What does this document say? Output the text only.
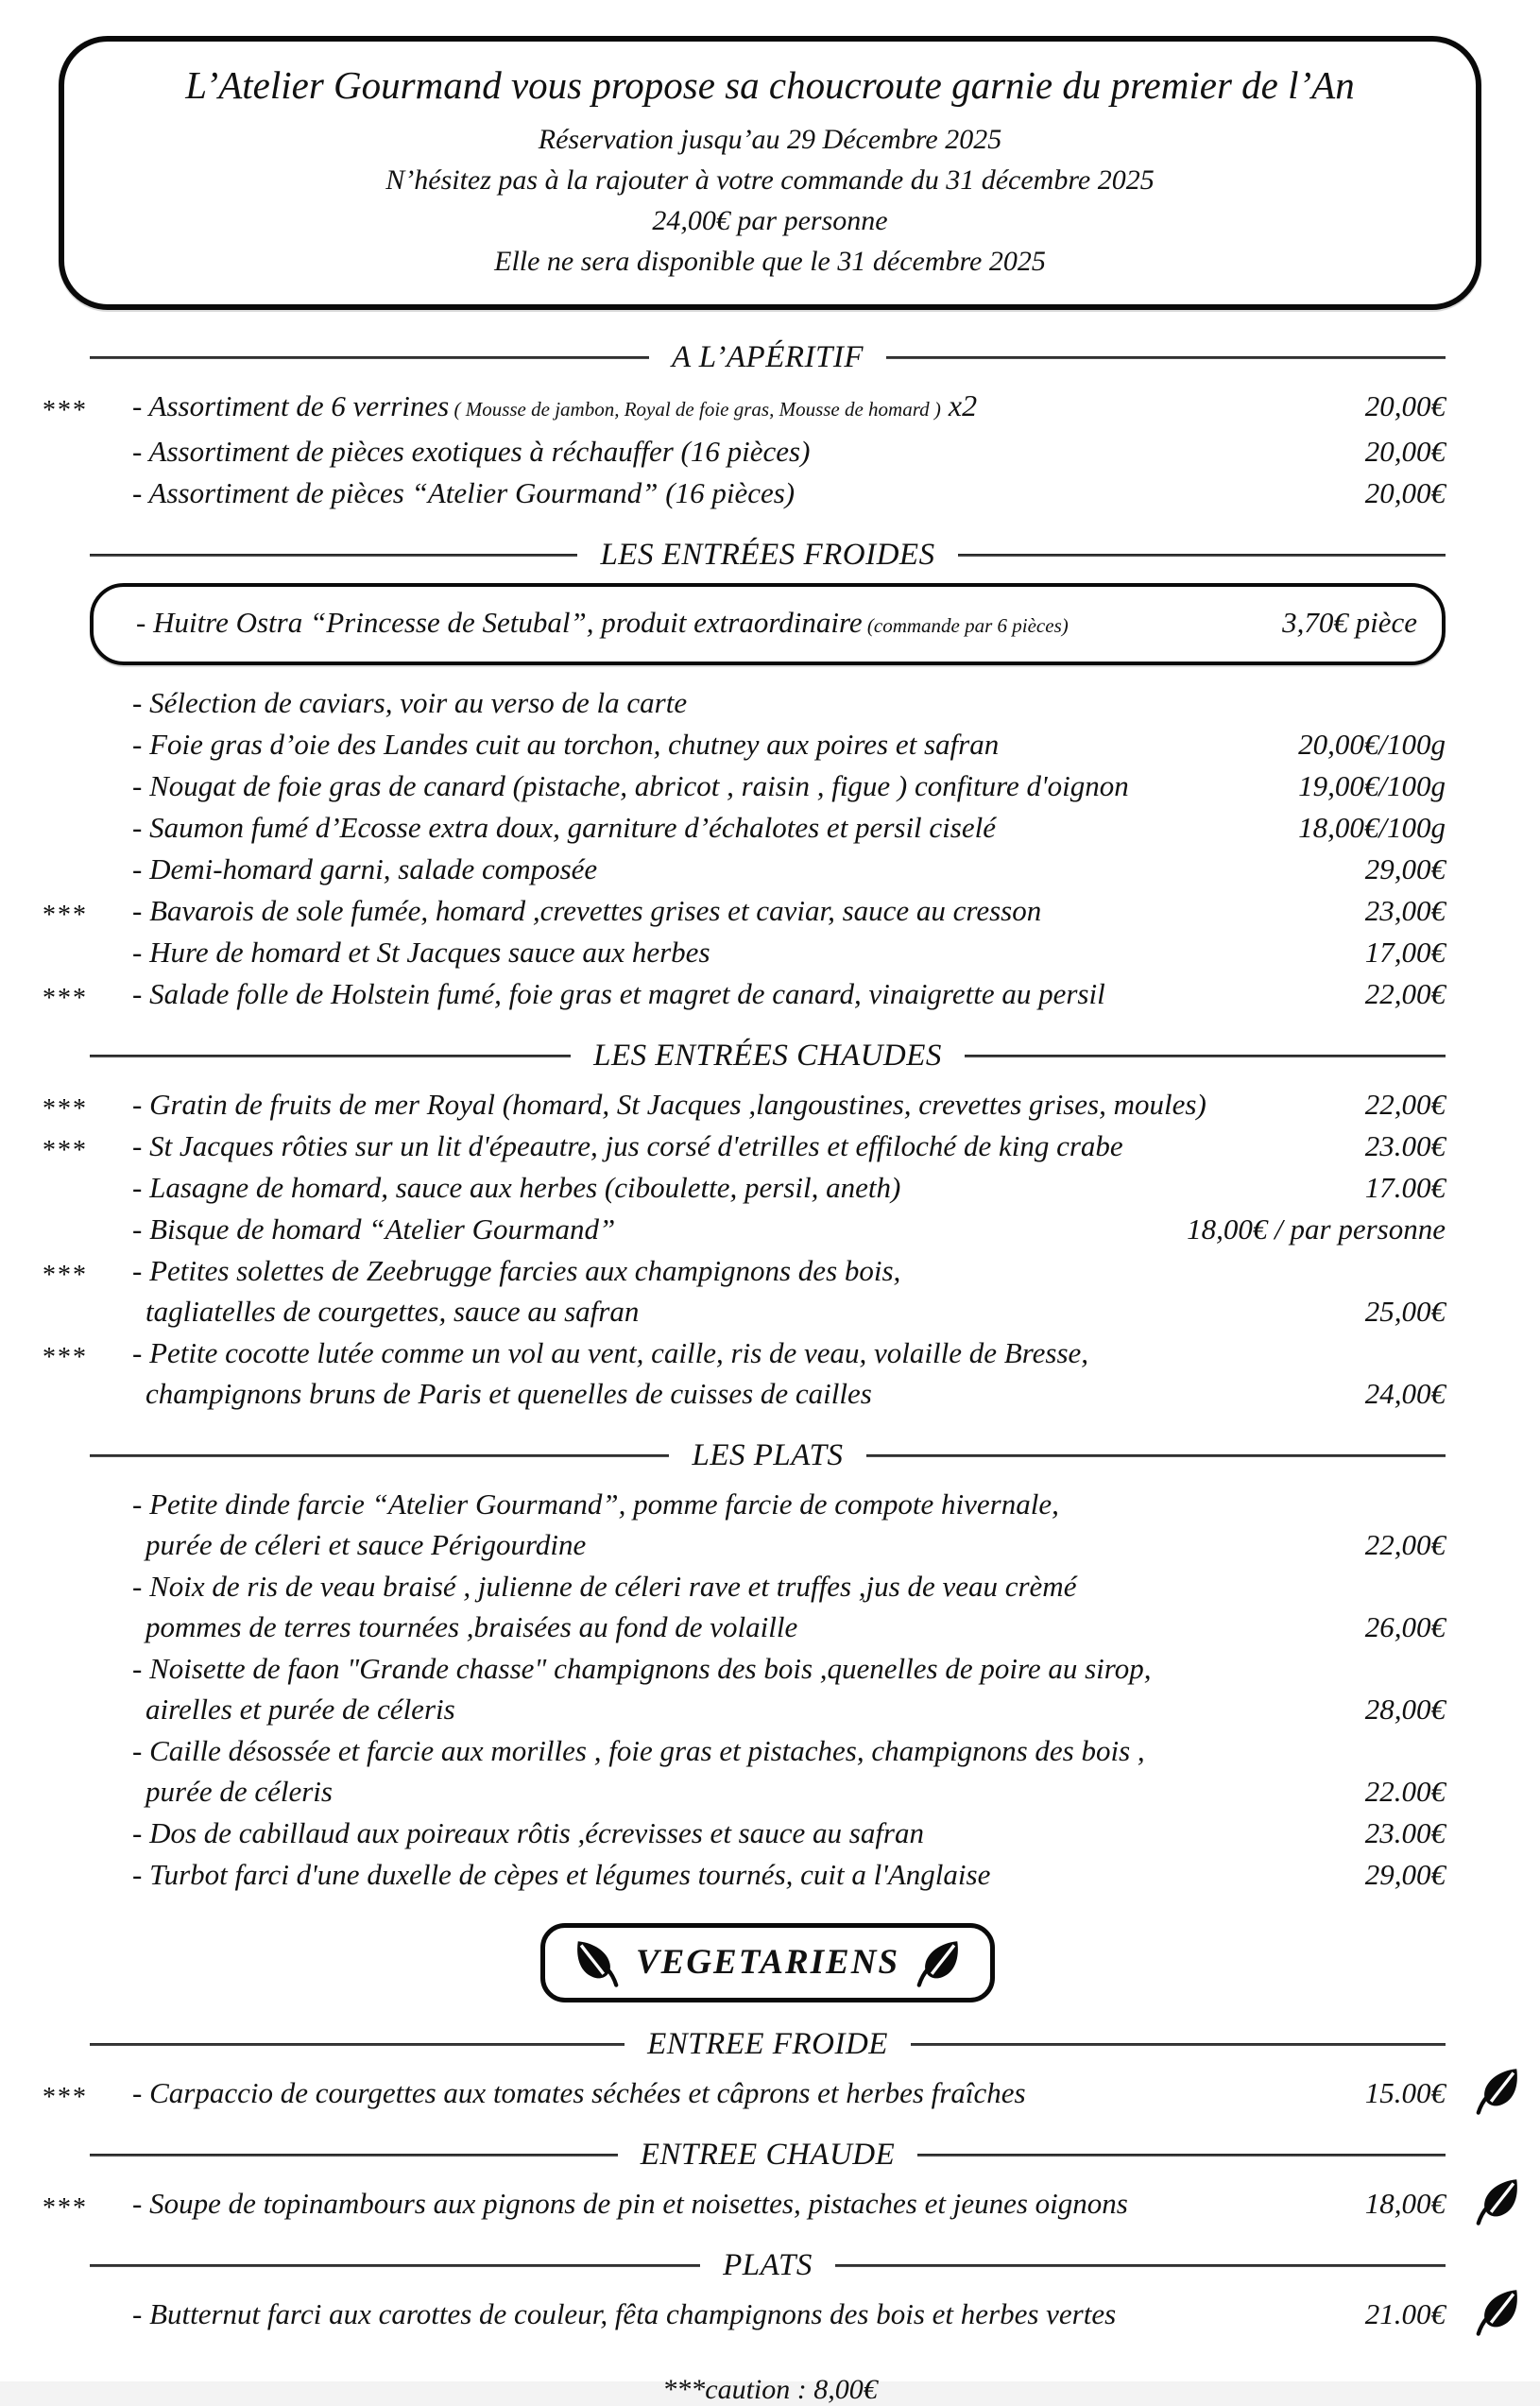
L’Atelier Gourmand vous propose sa choucroute garnie du premier de l’An
Réservation jusqu’au 29 Décembre 2025
N’hésitez pas à la rajouter à votre commande du 31 décembre 2025
24,00€ par personne
Elle ne sera disponible que le 31 décembre 2025
A L’APÉRITIF
*** - Assortiment de 6 verrines ( Mousse de jambon, Royal de foie gras, Mousse de homard ) x2	20,00€
- Assortiment de pièces exotiques à réchauffer (16 pièces)	20,00€
- Assortiment de pièces “Atelier Gourmand” (16 pièces)	20,00€
LES ENTRÉES FROIDES
- Huitre Ostra “Princesse de Setubal”, produit extraordinaire (commande par 6 pièces)	3,70€ pièce
- Sélection de caviars, voir au verso de la carte
- Foie gras d’oie des Landes cuit au torchon, chutney aux poires et safran	20,00€/100g
- Nougat de foie gras de canard (pistache, abricot , raisin , figue ) confiture d'oignon	19,00€/100g
- Saumon fumé d’Ecosse extra doux, garniture d’échalotes et persil ciselé	18,00€/100g
- Demi-homard garni, salade composée	29,00€
*** - Bavarois de sole fumée, homard ,crevettes grises et caviar, sauce au cresson	23,00€
- Hure de homard et St Jacques sauce aux herbes	17,00€
*** - Salade folle de Holstein fumé, foie gras et magret de canard, vinaigrette au persil	22,00€
LES ENTRÉES CHAUDES
*** - Gratin de fruits de mer Royal (homard, St Jacques ,langoustines, crevettes grises, moules)	22,00€
*** - St Jacques rôties sur un lit d'épeautre, jus corsé d'etrilles et effiloché de king crabe	23.00€
- Lasagne de homard, sauce aux herbes (ciboulette, persil, aneth)	17.00€
- Bisque de homard “Atelier Gourmand”	18,00€ / par personne
*** - Petites solettes de Zeebrugge farcies aux champignons des bois,
tagliatelles de courgettes, sauce au safran	25,00€
*** - Petite cocotte lutée comme un vol au vent, caille, ris de veau, volaille de Bresse,
champignons bruns de Paris et quenelles de cuisses de cailles	24,00€
LES PLATS
- Petite dinde farcie “Atelier Gourmand”, pomme farcie de compote hivernale,
purée de céleri et sauce Périgourdine	22,00€
- Noix de ris de veau braisé , julienne de céleri rave et truffes ,jus de veau crèmé
pommes de terres tournées ,braisées au fond de volaille	26,00€
- Noisette de faon "Grande chasse" champignons des bois ,quenelles de poire au sirop,
airelles et purée de céleris	28,00€
- Caille désossée et farcie aux morilles , foie gras et pistaches, champignons des bois ,
purée de céleris	22.00€
- Dos de cabillaud aux poireaux rôtis ,écrevisses et sauce au safran	23.00€
- Turbot farci d'une duxelle de cèpes et légumes tournés, cuit a l'Anglaise	29,00€
VEGETARIENS
ENTREE FROIDE
*** - Carpaccio de courgettes aux tomates séchées et câprons et herbes fraîches	15.00€
ENTREE CHAUDE
*** - Soupe de topinambours aux pignons de pin et noisettes, pistaches et jeunes oignons	18,00€
PLATS
- Butternut farci aux carottes de couleur, fêta champignons des bois et herbes vertes	21.00€
***caution : 8,00€
